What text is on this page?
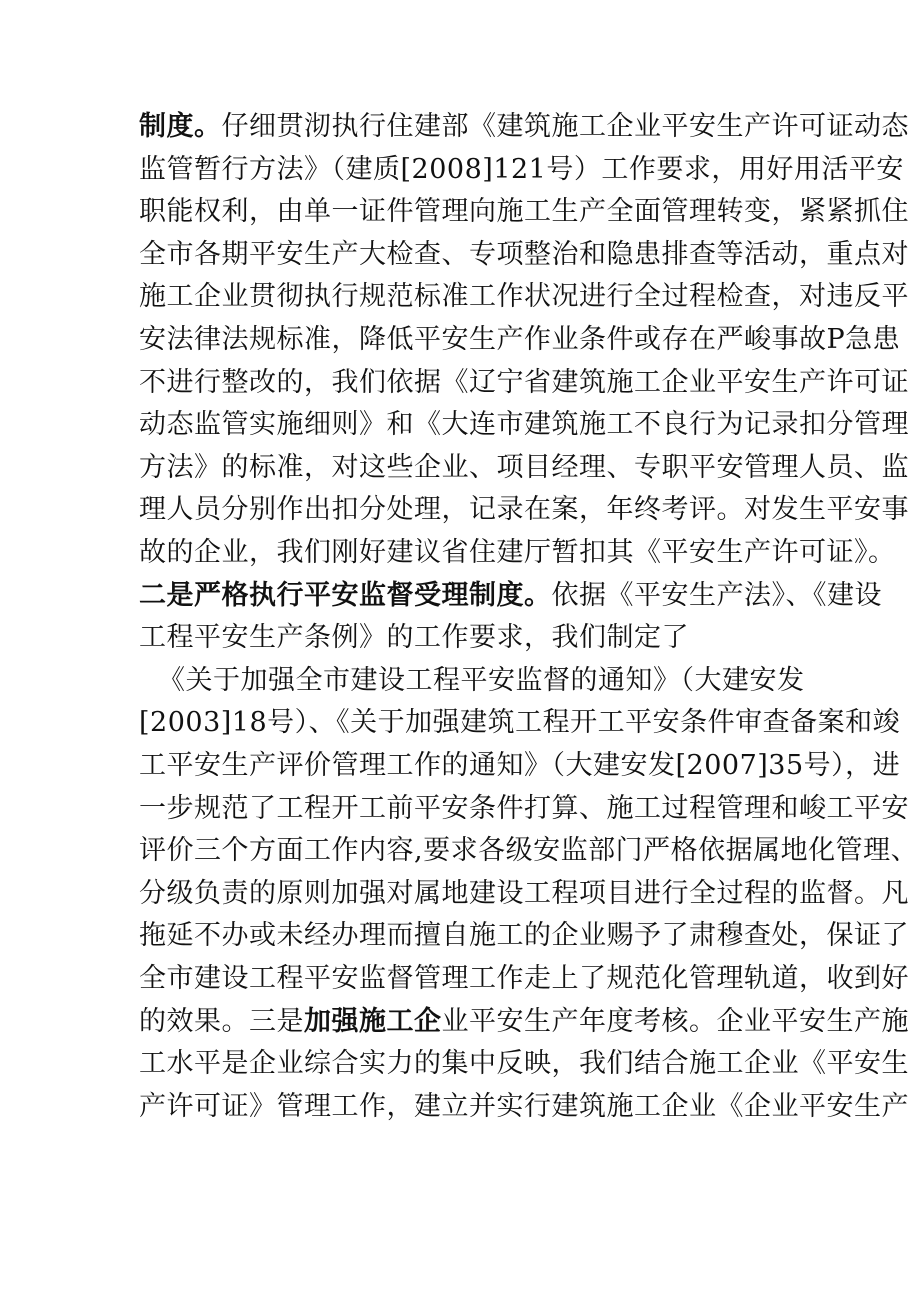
制度。仔细贯沏执行住建部《建筑施工企业平安生产许可证动态
监管暂行方法》（建质[2008]121号）工作要求，用好用活平安
职能权利，由单一证件管理向施工生产全面管理转变，紧紧抓住
全市各期平安生产大检查、专项整治和隐患排查等活动，重点对
施工企业贯彻执行规范标准工作状况进行全过程检查，对违反平
安法律法规标准，降低平安生产作业条件或存在严峻事故P急患
不进行整改的，我们依据《辽宁省建筑施工企业平安生产许可证
动态监管实施细则》和《大连市建筑施工不良行为记录扣分管理
方法》的标准，对这些企业、项目经理、专职平安管理人员、监
理人员分别作出扣分处理，记录在案，年终考评。对发生平安事
故的企业，我们刚好建议省住建厅暂扣其《平安生产许可证》。
二是严格执行平安监督受理制度。依据《平安生产法》、《建设
工程平安生产条例》的工作要求，我们制定了
《关于加强全市建设工程平安监督的通知》（大建安发
[2003]18号）、《关于加强建筑工程开工平安条件审查备案和竣
工平安生产评价管理工作的通知》（大建安发[2007]35号），进
一步规范了工程开工前平安条件打算、施工过程管理和峻工平安
评价三个方面工作内容,要求各级安监部门严格依据属地化管理、
分级负责的原则加强对属地建设工程项目进行全过程的监督。凡
拖延不办或未经办理而擅自施工的企业赐予了肃穆查处，保证了
全市建设工程平安监督管理工作走上了规范化管理轨道，收到好
的效果。三是加强施工企业平安生产年度考核。企业平安生产施
工水平是企业综合实力的集中反映，我们结合施工企业《平安生
产许可证》管理工作，建立并实行建筑施工企业《企业平安生产
